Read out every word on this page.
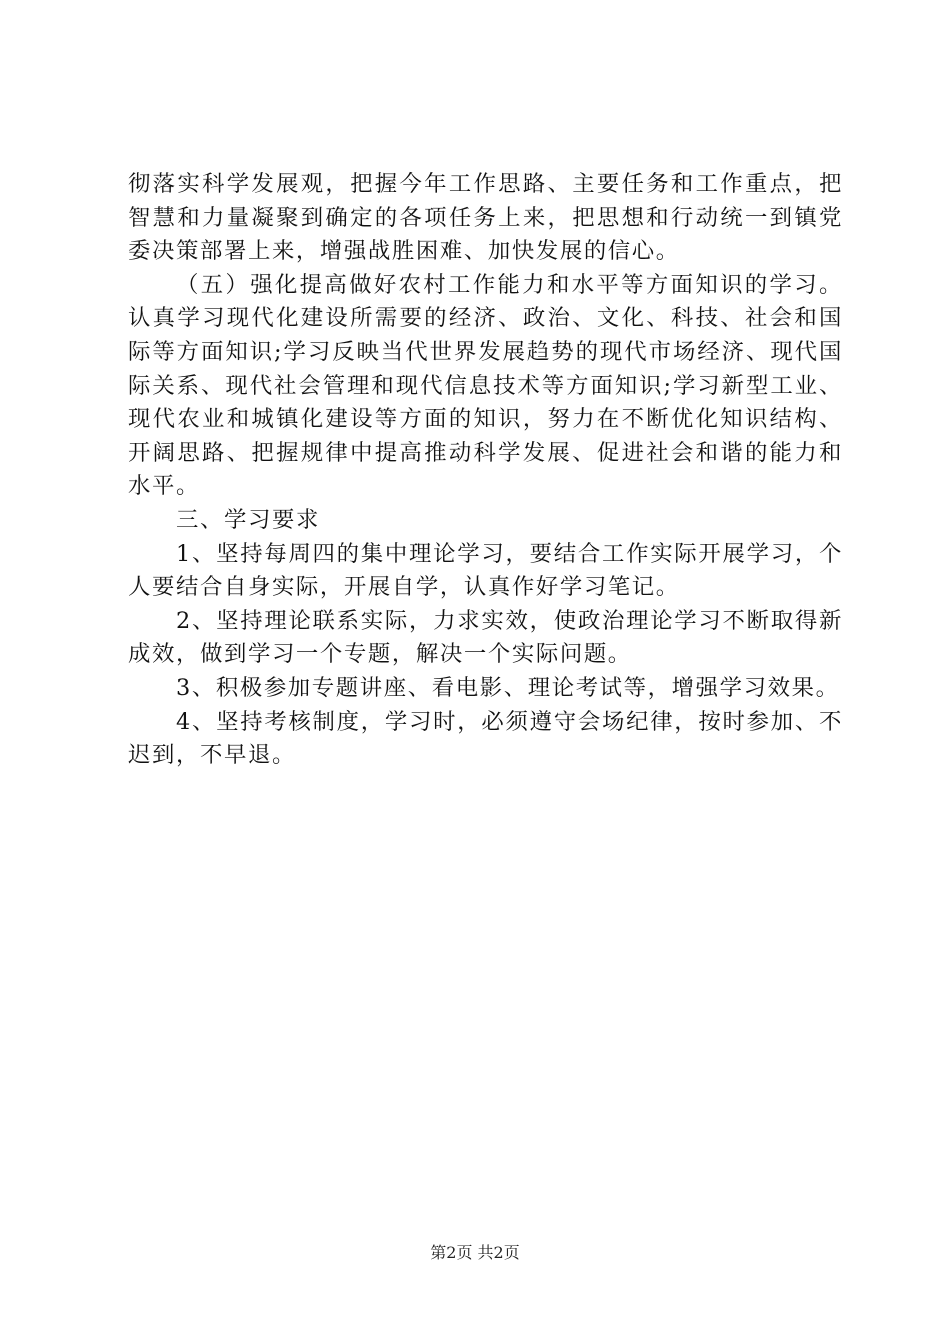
彻落实科学发展观，把握今年工作思路、主要任务和工作重点，把智慧和力量凝聚到确定的各项任务上来，把思想和行动统一到镇党委决策部署上来，增强战胜困难、加快发展的信心。

（五）强化提高做好农村工作能力和水平等方面知识的学习。认真学习现代化建设所需要的经济、政治、文化、科技、社会和国际等方面知识;学习反映当代世界发展趋势的现代市场经济、现代国际关系、现代社会管理和现代信息技术等方面知识;学习新型工业、现代农业和城镇化建设等方面的知识，努力在不断优化知识结构、开阔思路、把握规律中提高推动科学发展、促进社会和谐的能力和水平。

三、学习要求

1、坚持每周四的集中理论学习，要结合工作实际开展学习，个人要结合自身实际，开展自学，认真作好学习笔记。

2、坚持理论联系实际，力求实效，使政治理论学习不断取得新成效，做到学习一个专题，解决一个实际问题。

3、积极参加专题讲座、看电影、理论考试等，增强学习效果。

4、坚持考核制度，学习时，必须遵守会场纪律，按时参加、不迟到，不早退。

第2页 共2页
